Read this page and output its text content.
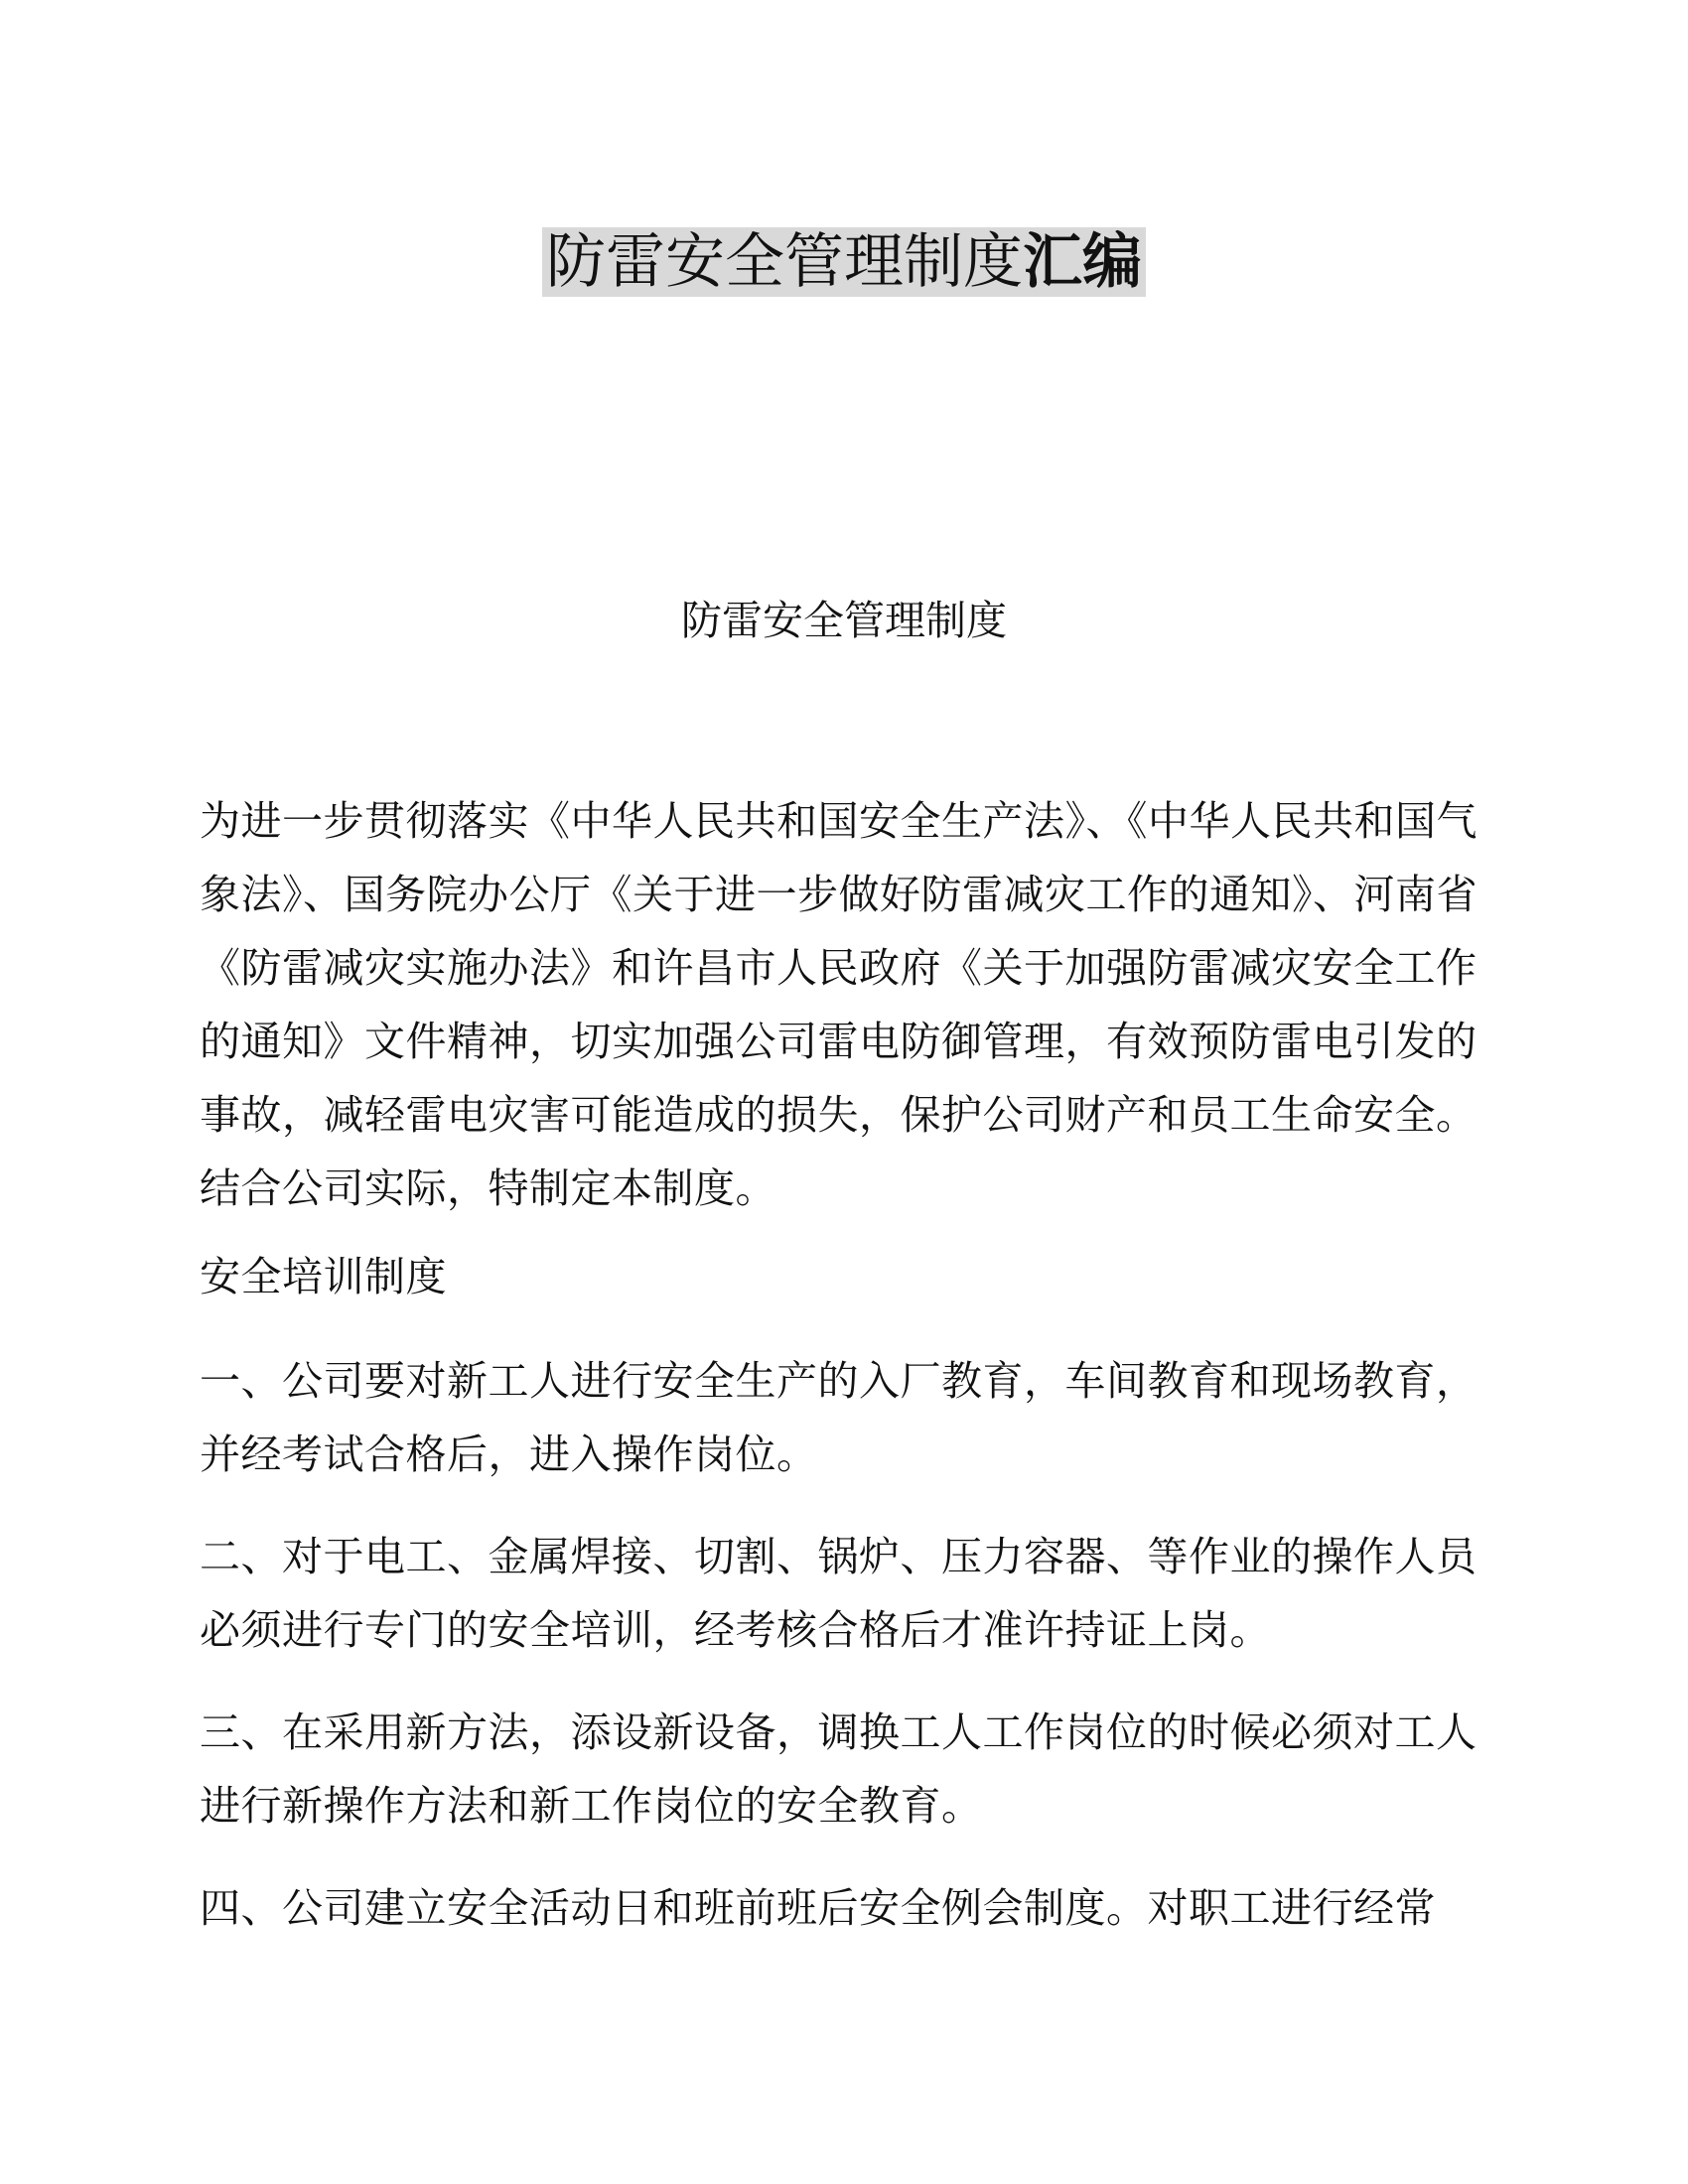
防雷安全管理制度汇编
防雷安全管理制度
为进一步贯彻落实《中华人民共和国安全生产法》、《中华人民共和国气象法》、国务院办公厅《关于进一步做好防雷减灾工作的通知》、河南省《防雷减灾实施办法》和许昌市人民政府《关于加强防雷减灾安全工作的通知》文件精神，切实加强公司雷电防御管理，有效预防雷电引发的事故，减轻雷电灾害可能造成的损失，保护公司财产和员工生命安全。结合公司实际，特制定本制度。
安全培训制度
一、公司要对新工人进行安全生产的入厂教育，车间教育和现场教育，并经考试合格后，进入操作岗位。
二、对于电工、金属焊接、切割、锅炉、压力容器、等作业的操作人员必须进行专门的安全培训，经考核合格后才准许持证上岗。
三、在采用新方法，添设新设备，调换工人工作岗位的时候必须对工人进行新操作方法和新工作岗位的安全教育。
四、公司建立安全活动日和班前班后安全例会制度。对职工进行经常
